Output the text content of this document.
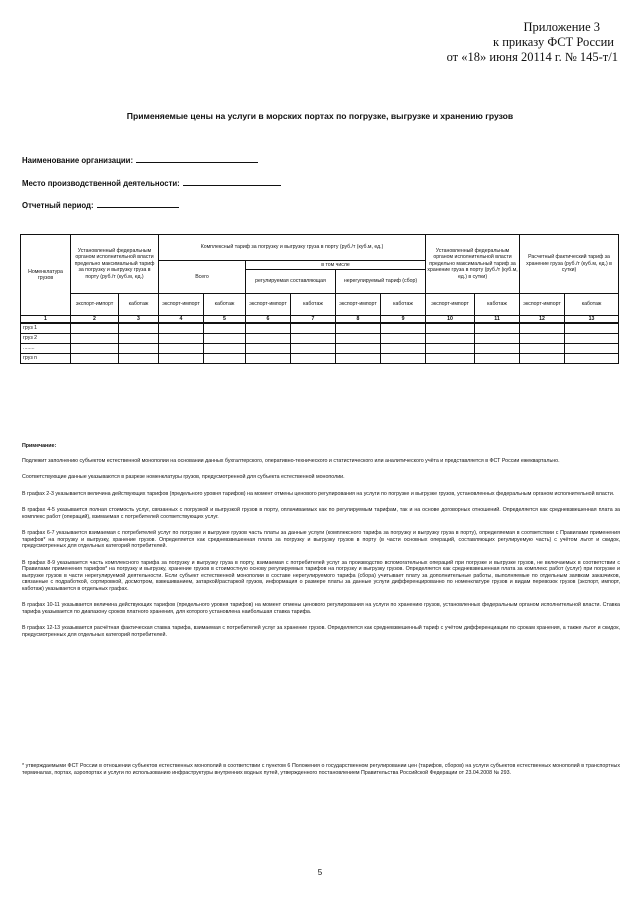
Приложение 3
к приказу ФСТ России
от «18» июня 20114 г. № 145-т/1
Применяемые цены на услуги в морских портах по погрузке, выгрузке и хранению грузов
Наименование организации:
Место производственной деятельности:
Отчетный период:
Номенклатура грузов	Установленный федеральным органом исполнительной власти предельно максимальный тариф за погрузку и выгрузку груза в порту (руб./т (куб.м, ед.)		Комплексный тариф за погрузку и выгрузку груза в порту (руб./т (куб.м, ед.)						Установленный федеральным органом исполнительной власти предельно максимальный тариф за хранение груза в порту (руб./т (куб.м, ед.) в сутки)		Расчетный фактический тариф за хранение груза (руб./т (куб.м, ед.) в сутки)	
			Всего		в том числе							
					регулируемая составляющая		нерегулируемый тариф (сбор)					
	экспорт-импорт	каботаж	экспорт-импорт	каботаж	экспорт-импорт	каботаж	экспорт-импорт	каботаж	экспорт-импорт	каботаж	экспорт-импорт	каботаж
1	2	3	4	5	6	7	8	9	10	11	12	13
груз 1												
груз 2												
........												
груз n												
Примечание:

Подлежит заполнению субъектом естественной монополии на основании данных бухгалтерского, оперативно-технического и статистического или аналитического учёта и представляется в ФСТ России ежеквартально.

Соответствующие данные указываются в разрезе номенклатуры грузов, предусмотренной для субъекта естественной монополии.

В графах 2-3 указывается величина действующих тарифов (предельного уровня тарифов) на момент отмены ценового регулирования на услуги по погрузке и выгрузке грузов, установленных федеральным органом исполнительной власти.

В графах 4-5 указывается полная стоимость услуг, связанных с погрузкой и выгрузкой грузов в порту, оплачиваемых как по регулируемым тарифам, так и на основе договорных отношений. Определяется как средневзвешенная плата за комплекс работ (операций), взимаемая с потребителей соответствующих услуг.

В графах 6-7 указывается взимаемая с потребителей услуг по погрузке и выгрузке грузов часть платы за данные услуги (комплексного тарифа за погрузку и выгрузку груза в порту), определяемая в соответствии с Правилами применения тарифов* на погрузку и выгрузку, хранение грузов. Определяется как средневзвешенная плата за погрузку и выгрузку грузов в порту (в части основных операций, составляющих регулируемую часть) с учётом льгот и скидок, предусмотренных для отдельных категорий потребителей.

В графах 8-9 указывается часть комплексного тарифа за погрузку и выгрузку груза в порту, взимаемая с потребителей услуг за производство вспомогательных операций при погрузке и выгрузке грузов, не включаемых в соответствии с Правилами применения тарифов* на погрузку и выгрузку, хранение грузов в стоимостную основу регулируемых тарифов на погрузку и выгрузку грузов. Определяется как средневзвешенная плата за комплекс работ (услуг) при погрузке и выгрузке грузов в части нерегулируемой деятельности. Если субъект естественной монополии в составе нерегулируемого тарифа (сбора) учитывает плату за дополнительные работы, выполняемые по отдельным заявкам заказчиков, связанные с подработкой, сортировкой, досмотром, взвешиванием, затаркой/растаркой грузов, информация о размере платы за данные услуги дифференцированно по номенклатуре грузов и видам перевозок грузов (экспорт, импорт, каботаж) указывается в отдельных графах.

В графах 10-11 указывается величина действующих тарифов (предельного уровня тарифов) на момент отмены ценового регулирования на услуги по хранению грузов, установленных федеральным органом исполнительной власти. Ставка тарифа указывается по диапазону сроков платного хранения, для которого установлена наибольшая ставка тарифа.

В графах 12-13 указывается расчётная фактическая ставка тарифа, взимаемая с потребителей услуг за хранение грузов. Определяется как средневзвешенный тариф с учётом дифференциации по срокам хранения, а также льгот и скидок, предусмотренных для отдельных категорий потребителей.

* утверждаемыми ФСТ России в отношении субъектов естественных монополий в соответствии с пунктом 6 Положения о государственном регулировании цен (тарифов, сборов) на услуги субъектов естественных монополий в транспортных терминалах, портах, аэропортах и услуги по использованию инфраструктуры внутренних водных путей, утвержденного постановлением Правительства Российской Федерации от 23.04.2008 № 293.
5
